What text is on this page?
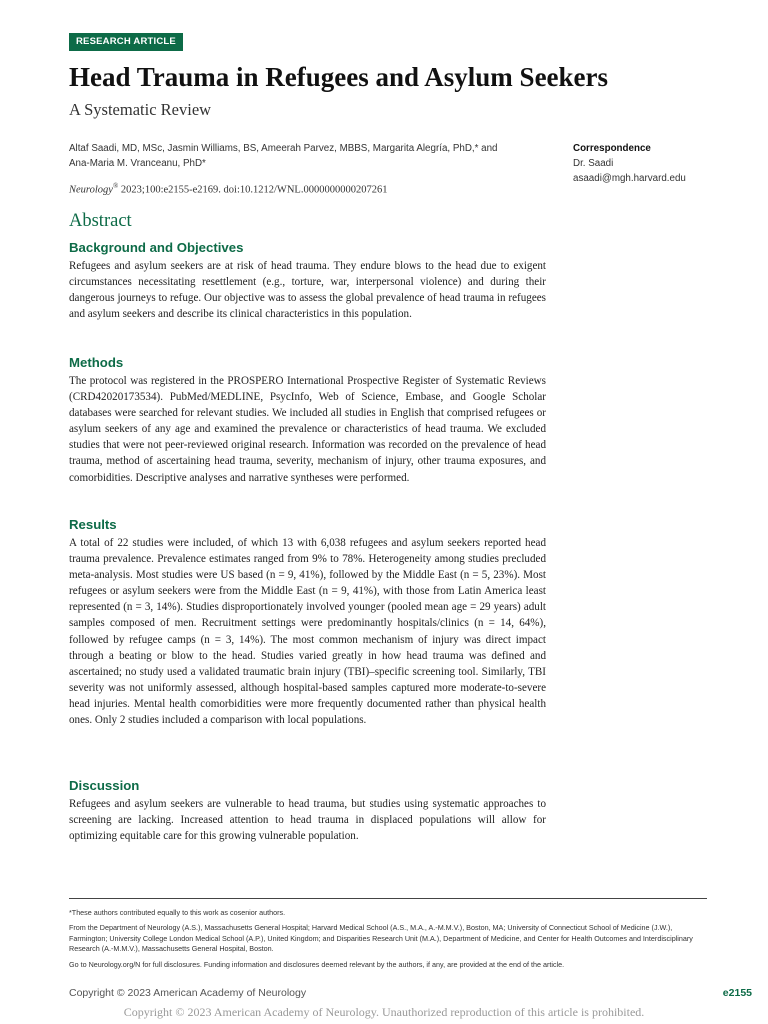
RESEARCH ARTICLE
Head Trauma in Refugees and Asylum Seekers
A Systematic Review
Altaf Saadi, MD, MSc, Jasmin Williams, BS, Ameerah Parvez, MBBS, Margarita Alegría, PhD,* and
Ana-Maria M. Vranceanu, PhD*
Neurology® 2023;100:e2155-e2169. doi:10.1212/WNL.0000000000207261
Correspondence
Dr. Saadi
asaadi@mgh.harvard.edu
Abstract
Background and Objectives

Refugees and asylum seekers are at risk of head trauma. They endure blows to the head due to exigent circumstances necessitating resettlement (e.g., torture, war, interpersonal violence) and during their dangerous journeys to refuge. Our objective was to assess the global prevalence of head trauma in refugees and asylum seekers and describe its clinical characteristics in this population.

Methods

The protocol was registered in the PROSPERO International Prospective Register of Systematic Reviews (CRD42020173534). PubMed/MEDLINE, PsycInfo, Web of Science, Embase, and Google Scholar databases were searched for relevant studies. We included all studies in English that comprised refugees or asylum seekers of any age and examined the prevalence or characteristics of head trauma. We excluded studies that were not peer-reviewed original research. Information was recorded on the prevalence of head trauma, method of ascertaining head trauma, severity, mechanism of injury, other trauma exposures, and comorbidities. Descriptive analyses and narrative syntheses were performed.

Results

A total of 22 studies were included, of which 13 with 6,038 refugees and asylum seekers reported head trauma prevalence. Prevalence estimates ranged from 9% to 78%. Heterogeneity among studies precluded meta-analysis. Most studies were US based (n = 9, 41%), followed by the Middle East (n = 5, 23%). Most refugees or asylum seekers were from the Middle East (n = 9, 41%), with those from Latin America least represented (n = 3, 14%). Studies disproportionately involved younger (pooled mean age = 29 years) adult samples composed of men. Recruitment settings were predominantly hospitals/clinics (n = 14, 64%), followed by refugee camps (n = 3, 14%). The most common mechanism of injury was direct impact through a beating or blow to the head. Studies varied greatly in how head trauma was defined and ascertained; no study used a validated traumatic brain injury (TBI)–specific screening tool. Similarly, TBI severity was not uniformly assessed, although hospital-based samples captured more moderate-to-severe head injuries. Mental health comorbidities were more frequently documented rather than physical health ones. Only 2 studies included a comparison with local populations.

Discussion

Refugees and asylum seekers are vulnerable to head trauma, but studies using systematic approaches to screening are lacking. Increased attention to head trauma in displaced populations will allow for optimizing equitable care for this growing vulnerable population.

*These authors contributed equally to this work as cosenior authors.
From the Department of Neurology (A.S.), Massachusetts General Hospital; Harvard Medical School (A.S., M.A., A.-M.M.V.), Boston, MA; University of Connecticut School of Medicine (J.W.), Farmington; University College London Medical School (A.P.), United Kingdom; and Disparities Research Unit (M.A.), Department of Medicine, and Center for Health Outcomes and Interdisciplinary Research (A.-M.M.V.), Massachusetts General Hospital, Boston.
Go to Neurology.org/N for full disclosures. Funding information and disclosures deemed relevant by the authors, if any, are provided at the end of the article.
Copyright © 2023 American Academy of Neurology	e2155
Copyright © 2023 American Academy of Neurology. Unauthorized reproduction of this article is prohibited.
